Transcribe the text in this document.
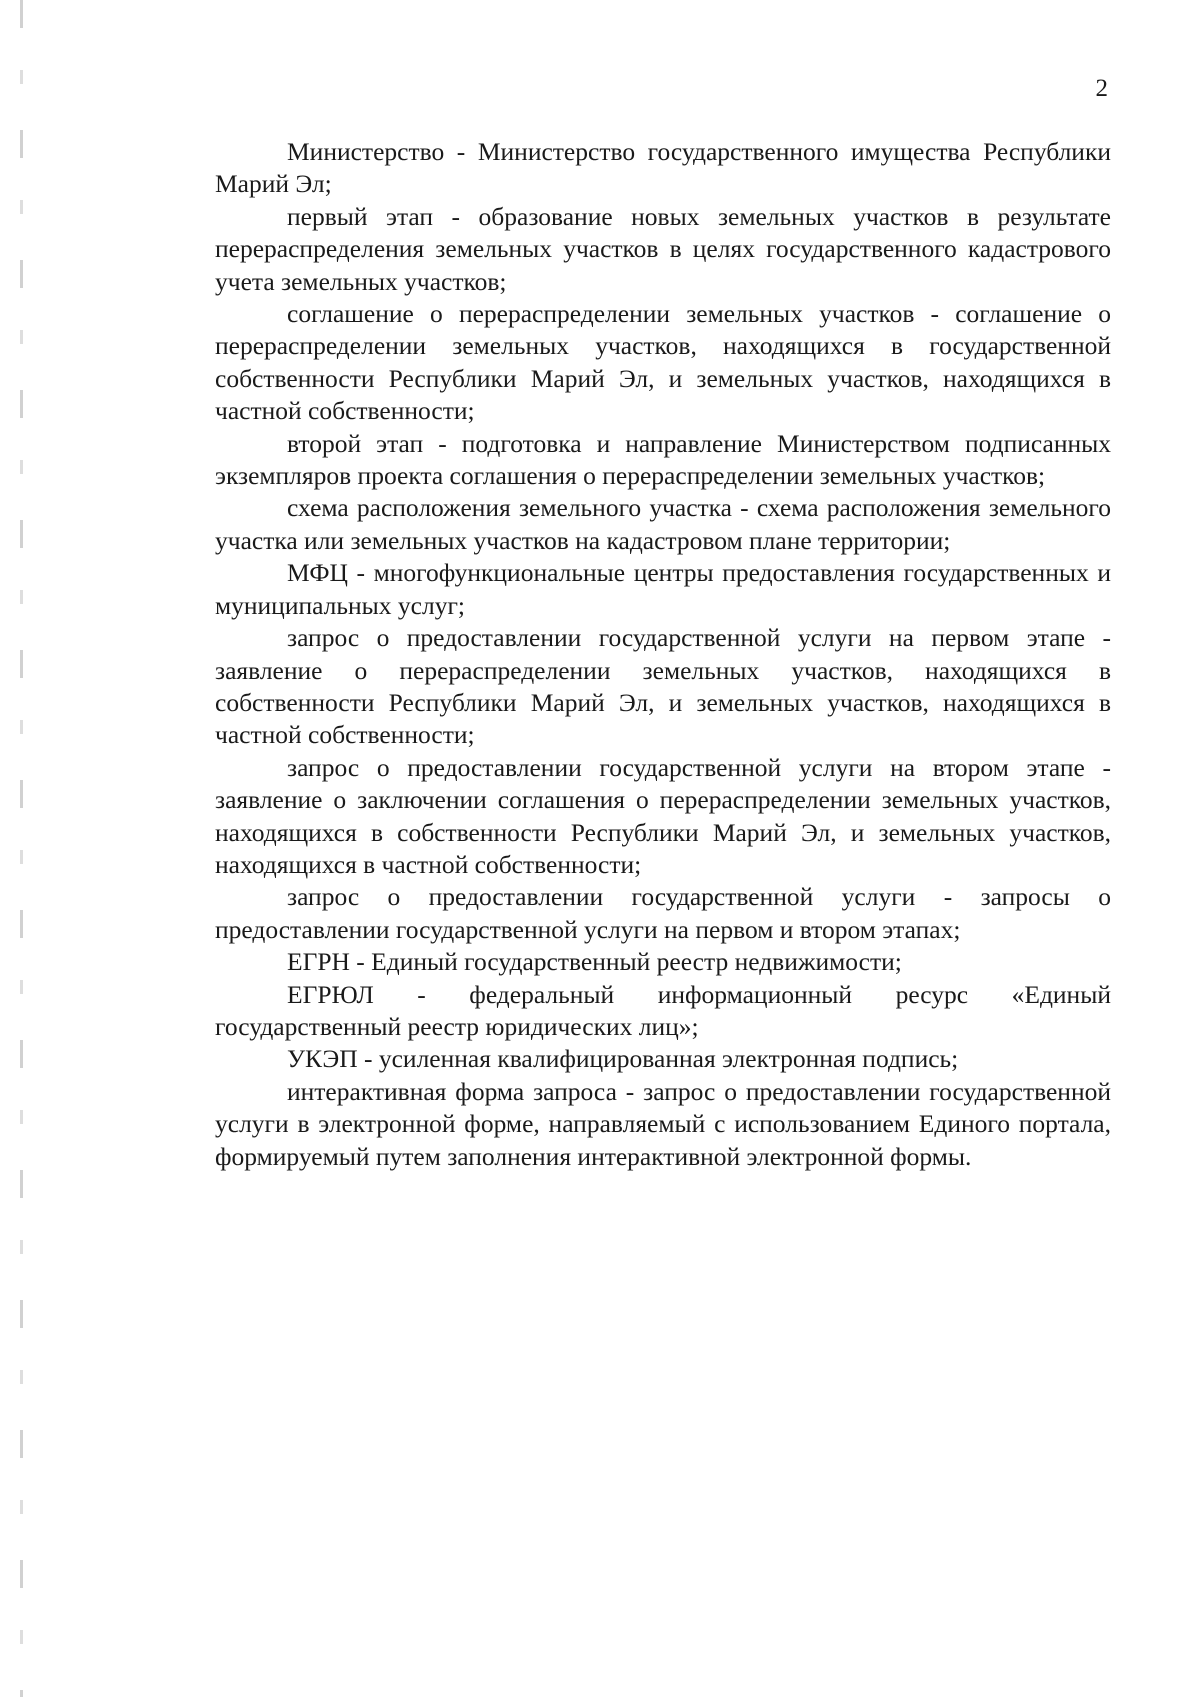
2

Министерство - Министерство государственного имущества Республики Марий Эл;

первый этап - образование новых земельных участков в результате перераспределения земельных участков в целях государственного кадастрового учета земельных участков;

соглашение о перераспределении земельных участков - соглашение о перераспределении земельных участков, находящихся в государственной собственности Республики Марий Эл, и земельных участков, находящихся в частной собственности;

второй этап - подготовка и направление Министерством подписанных экземпляров проекта соглашения о перераспределении земельных участков;

схема расположения земельного участка - схема расположения земельного участка или земельных участков на кадастровом плане территории;

МФЦ - многофункциональные центры предоставления государственных и муниципальных услуг;

запрос о предоставлении государственной услуги на первом этапе - заявление о перераспределении земельных участков, находящихся в собственности Республики Марий Эл, и земельных участков, находящихся в частной собственности;

запрос о предоставлении государственной услуги на втором этапе - заявление о заключении соглашения о перераспределении земельных участков, находящихся в собственности Республики Марий Эл, и земельных участков, находящихся в частной собственности;

запрос о предоставлении государственной услуги - запросы о предоставлении государственной услуги на первом и втором этапах;

ЕГРН - Единый государственный реестр недвижимости;

ЕГРЮЛ - федеральный информационный ресурс «Единый государственный реестр юридических лиц»;

УКЭП - усиленная квалифицированная электронная подпись;

интерактивная форма запроса - запрос о предоставлении государственной услуги в электронной форме, направляемый с использованием Единого портала, формируемый путем заполнения интерактивной электронной формы.
